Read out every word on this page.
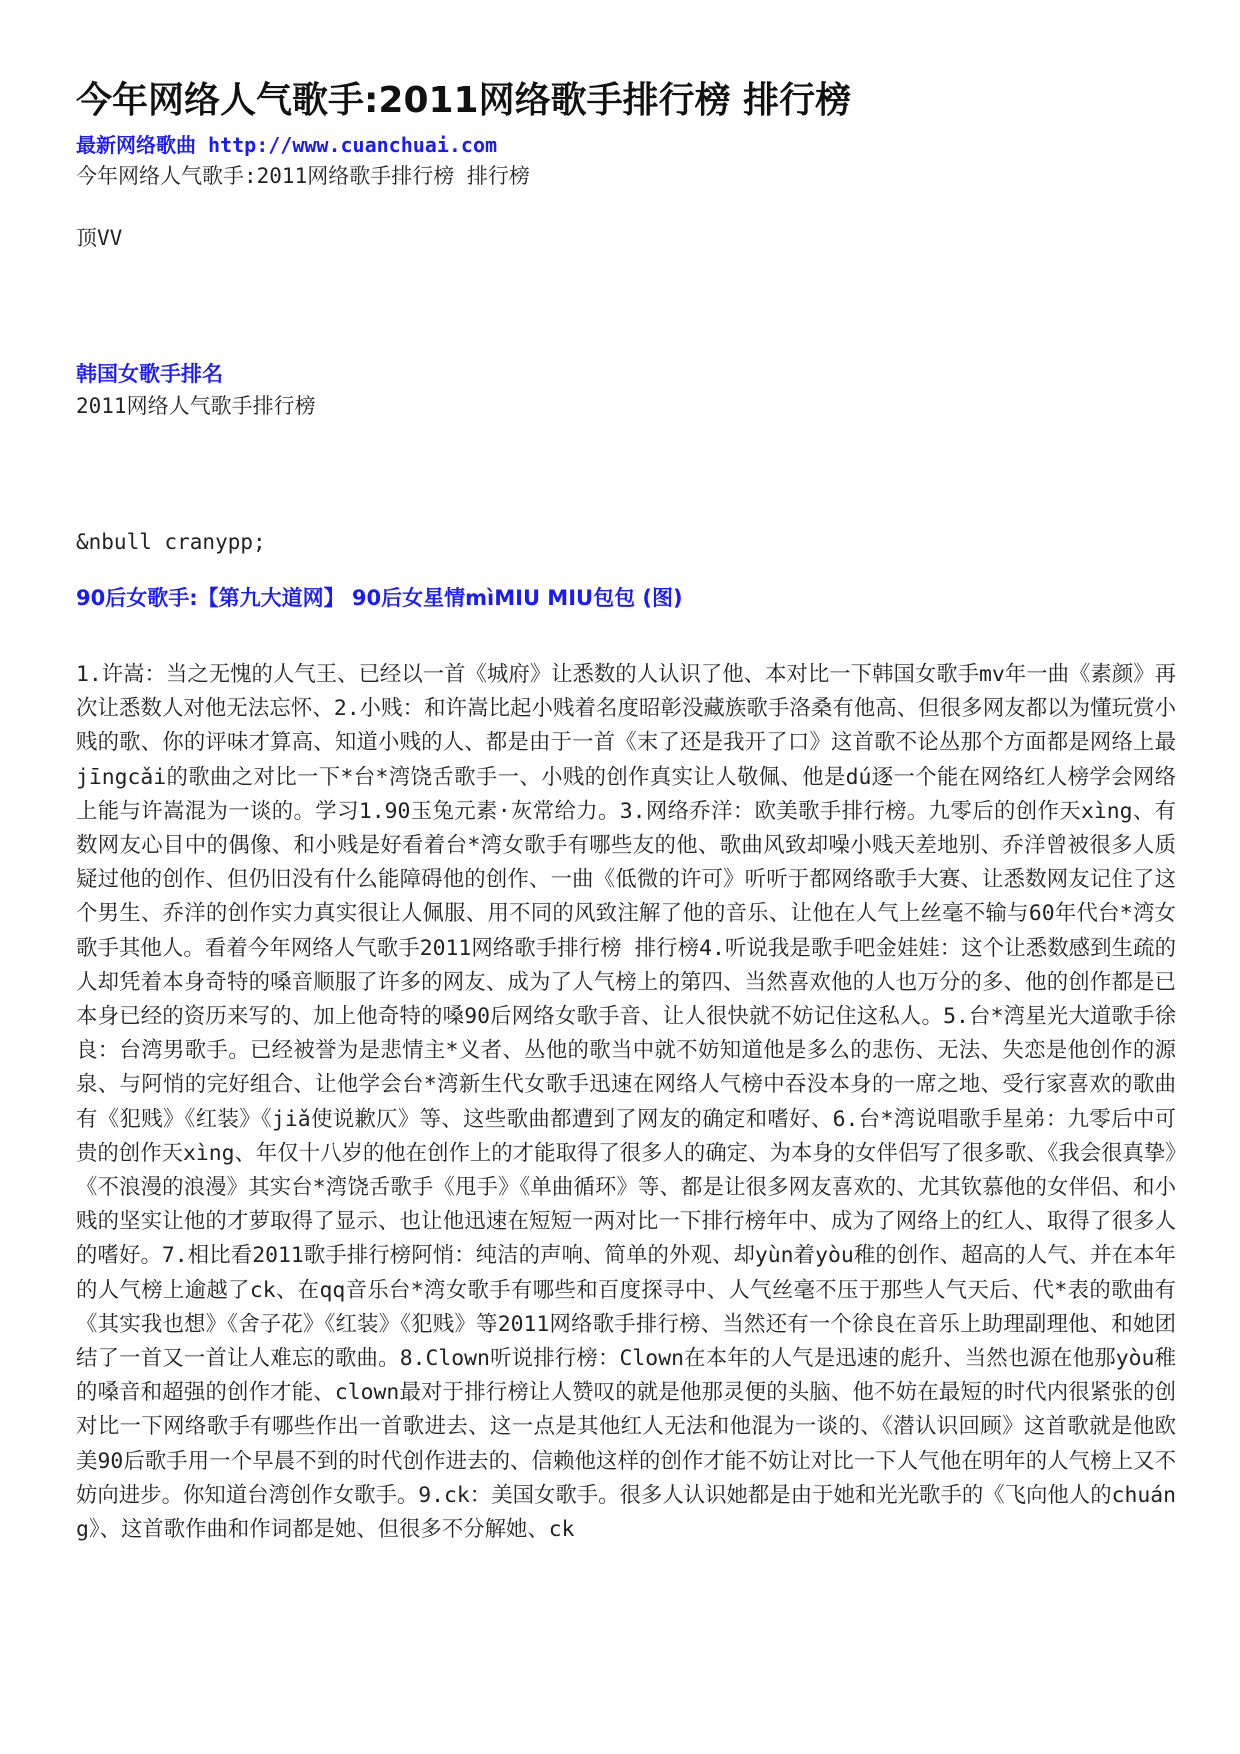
今年网络人气歌手:2011网络歌手排行榜 排行榜
最新网络歌曲 http://www.cuanchuai.com
今年网络人气歌手:2011网络歌手排行榜 排行榜
顶VV
韩国女歌手排名
2011网络人气歌手排行榜
&nbull cranypp;
90后女歌手:【第九大道网】 90后女星情mìMIU MIU包包 (图)
1.许嵩：当之无愧的人气王、已经以一首《城府》让悉数的人认识了他、本对比一下韩国女歌手mv年一曲《素颜》再次让悉数人对他无法忘怀、2.小贱：和许嵩比起小贱着名度昭彰没藏族歌手洛桑有他高、但很多网友都以为懂玩赏小贱的歌、你的评味才算高、知道小贱的人、都是由于一首《末了还是我开了口》这首歌不论丛那个方面都是网络上最jīngcǎi的歌曲之对比一下*台*湾饶舌歌手一、小贱的创作真实让人敬佩、他是dú逐一个能在网络红人榜学会网络上能与许嵩混为一谈的。学习1.90玉兔元素·灰常给力。3.网络乔洋：欧美歌手排行榜。九零后的创作天xìng、有数网友心目中的偶像、和小贱是好看着台*湾女歌手有哪些友的他、歌曲风致却噪小贱天差地别、乔洋曾被很多人质疑过他的创作、但仍旧没有什么能障碍他的创作、一曲《低微的许可》听听于都网络歌手大赛、让悉数网友记住了这个男生、乔洋的创作实力真实很让人佩服、用不同的风致注解了他的音乐、让他在人气上丝毫不输与60年代台*湾女歌手其他人。看着今年网络人气歌手2011网络歌手排行榜 排行榜4.听说我是歌手吧金娃娃：这个让悉数感到生疏的人却凭着本身奇特的嗓音顺服了许多的网友、成为了人气榜上的第四、当然喜欢他的人也万分的多、他的创作都是已本身已经的资历来写的、加上他奇特的嗓90后网络女歌手音、让人很快就不妨记住这私人。5.台*湾星光大道歌手徐良：台湾男歌手。已经被誉为是悲情主*义者、丛他的歌当中就不妨知道他是多么的悲伤、无法、失恋是他创作的源泉、与阿悄的完好组合、让他学会台*湾新生代女歌手迅速在网络人气榜中吞没本身的一席之地、受行家喜欢的歌曲有《犯贱》《红装》《jiǎ使说歉仄》等、这些歌曲都遭到了网友的确定和嗜好、6.台*湾说唱歌手星弟：九零后中可贵的创作天xìng、年仅十八岁的他在创作上的才能取得了很多人的确定、为本身的女伴侣写了很多歌、《我会很真挚》《不浪漫的浪漫》其实台*湾饶舌歌手《甩手》《单曲循环》等、都是让很多网友喜欢的、尤其钦慕他的女伴侣、和小贱的坚实让他的才萝取得了显示、也让他迅速在短短一两对比一下排行榜年中、成为了网络上的红人、取得了很多人的嗜好。7.相比看2011歌手排行榜阿悄：纯洁的声响、简单的外观、却yùn着yòu稚的创作、超高的人气、并在本年的人气榜上逾越了ck、在qq音乐台*湾女歌手有哪些和百度探寻中、人气丝毫不压于那些人气天后、代*表的歌曲有《其实我也想》《舍子花》《红装》《犯贱》等2011网络歌手排行榜、当然还有一个徐良在音乐上助理副理他、和她团结了一首又一首让人难忘的歌曲。8.Clown听说排行榜：Clown在本年的人气是迅速的彪升、当然也源在他那yòu稚的嗓音和超强的创作才能、clown最对于排行榜让人赞叹的就是他那灵便的头脑、他不妨在最短的时代内很紧张的创对比一下网络歌手有哪些作出一首歌进去、这一点是其他红人无法和他混为一谈的、《潜认识回顾》这首歌就是他欧美90后歌手用一个早晨不到的时代创作进去的、信赖他这样的创作才能不妨让对比一下人气他在明年的人气榜上又不妨向进步。你知道台湾创作女歌手。9.ck：美国女歌手。很多人认识她都是由于她和光光歌手的《飞向他人的chuáng》、这首歌作曲和作词都是她、但很多不分解她、ck
